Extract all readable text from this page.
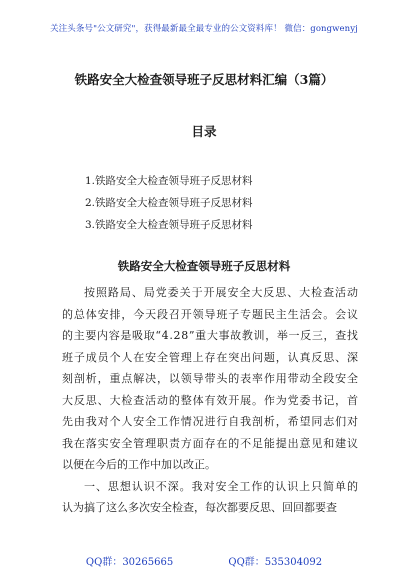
关注头条号"公文研究"，获得最新最全最专业的公文资料库！ 微信：gongwenyj
铁路安全大检查领导班子反思材料汇编（3篇）
目录
1.铁路安全大检查领导班子反思材料
2.铁路安全大检查领导班子反思材料
3.铁路安全大检查领导班子反思材料
铁路安全大检查领导班子反思材料
按 照 路 局 、 局 党 委 关 于 开 展 安 全 大 反 思 、 大 检 查 活 动
的 总 体 安 排 ， 今 天 段 召 开 领 导 班 子 专 题 民 主 生 活 会 。 会 议
的 主 要 内 容 是 吸 取 “ 4 . 2 8 ” 重 大 事 故 教 训 ， 举 一 反 三 ， 查 找
班 子 成 员 个 人 在 安 全 管 理 上 存 在 突 出 问 题 ， 认 真 反 思 、 深
刻 剖 析 ， 重 点 解 决 ， 以 领 导 带 头 的 表 率 作 用 带 动 全 段 安 全
大 反 思 、 大 检 查 活 动 的 整 体 有 效 开 展 。 作 为 党 委 书 记 ， 首
先 由 我 对 个 人 安 全 工 作 情 况 进 行 自 我 剖 析 ， 希 望 同 志 们 对
我 在 落 实 安 全 管 理 职 责 方 面 存 在 的 不 足 能 提 出 意 见 和 建 议
以便在今后的工作中加以改正。
一 、 思 想 认 识 不 深 。 我 对 安 全 工 作 的 认 识 上 只 简 单 的
认为搞了这么多次安全检查，每次都要反思、回回都要查
QQ群：30265665	QQ群：535304092
